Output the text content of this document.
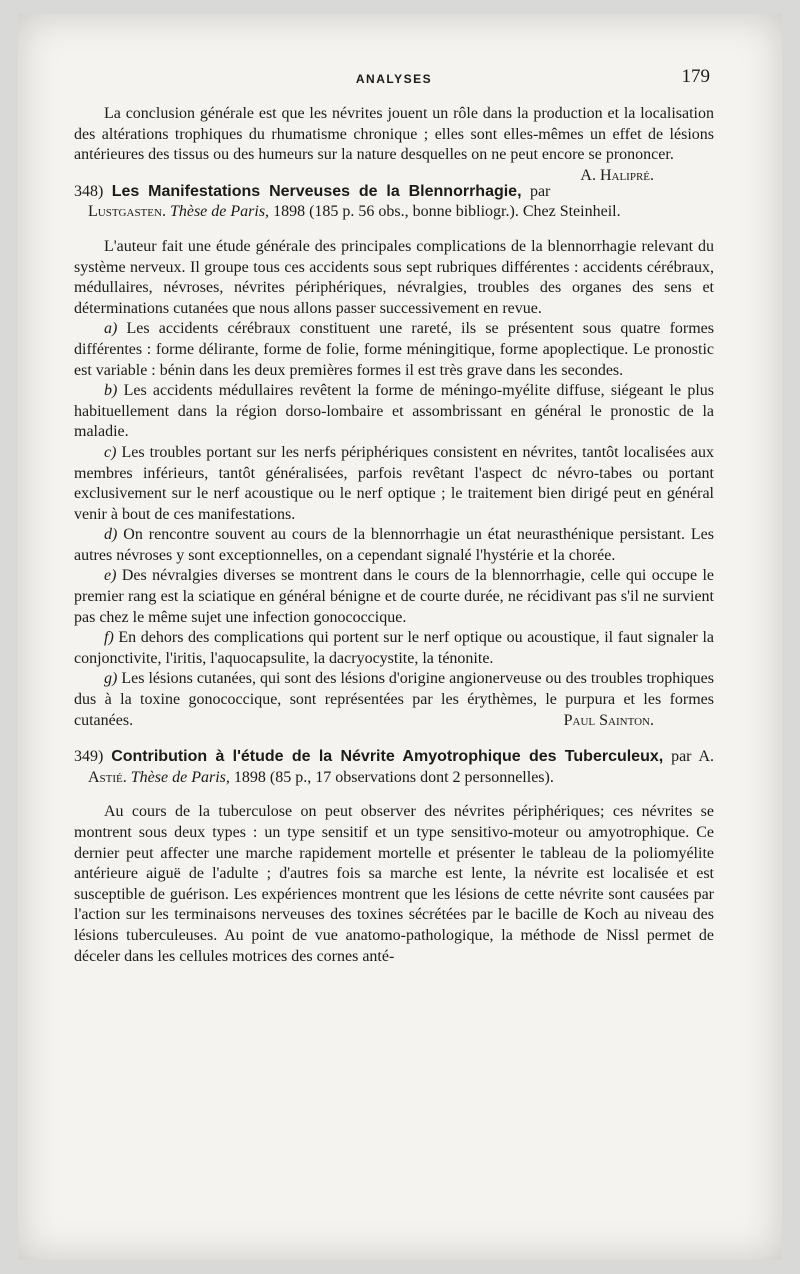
ANALYSES	179

La conclusion générale est que les névrites jouent un rôle dans la production et la localisation des altérations trophiques du rhumatisme chronique ; elles sont elles-mêmes un effet de lésions antérieures des tissus ou des humeurs sur la nature desquelles on ne peut encore se prononcer.
A. Halipré.

348) Les Manifestations Nerveuses de la Blennorrhagie, par Lustgasten. Thèse de Paris, 1898 (185 p. 56 obs., bonne bibliogr.). Chez Steinheil.

L'auteur fait une étude générale des principales complications de la blennorrhagie relevant du système nerveux. Il groupe tous ces accidents sous sept rubriques différentes : accidents cérébraux, médullaires, névroses, névrites périphériques, névralgies, troubles des organes des sens et déterminations cutanées que nous allons passer successivement en revue.

a) Les accidents cérébraux constituent une rareté, ils se présentent sous quatre formes différentes : forme délirante, forme de folie, forme méningitique, forme apoplectique. Le pronostic est variable : bénin dans les deux premières formes il est très grave dans les secondes.

b) Les accidents médullaires revêtent la forme de méningo-myélite diffuse, siégeant le plus habituellement dans la région dorso-lombaire et assombrissant en général le pronostic de la maladie.

c) Les troubles portant sur les nerfs périphériques consistent en névrites, tantôt localisées aux membres inférieurs, tantôt généralisées, parfois revêtant l'aspect dc névro-tabes ou portant exclusivement sur le nerf acoustique ou le nerf optique ; le traitement bien dirigé peut en général venir à bout de ces manifestations.

d) On rencontre souvent au cours de la blennorrhagie un état neurasthénique persistant. Les autres névroses y sont exceptionnelles, on a cependant signalé l'hystérie et la chorée.

e) Des névralgies diverses se montrent dans le cours de la blennorrhagie, celle qui occupe le premier rang est la sciatique en général bénigne et de courte durée, ne récidivant pas s'il ne survient pas chez le même sujet une infection gonococcique.

f) En dehors des complications qui portent sur le nerf optique ou acoustique, il faut signaler la conjonctivite, l'iritis, l'aquocapsulite, la dacryocystite, la ténonite.

g) Les lésions cutanées, qui sont des lésions d'origine angionerveuse ou des troubles trophiques dus à la toxine gonococcique, sont représentées par les érythèmes, le purpura et les formes cutanées.	Paul Sainton.

349) Contribution à l'étude de la Névrite Amyotrophique des Tuberculeux, par A. Astié. Thèse de Paris, 1898 (85 p., 17 observations dont 2 personnelles).

Au cours de la tuberculose on peut observer des névrites périphériques; ces névrites se montrent sous deux types : un type sensitif et un type sensitivo-moteur ou amyotrophique. Ce dernier peut affecter une marche rapidement mortelle et présenter le tableau de la poliomyélite antérieure aiguë de l'adulte ; d'autres fois sa marche est lente, la névrite est localisée et est susceptible de guérison. Les expériences montrent que les lésions de cette névrite sont causées par l'action sur les terminaisons nerveuses des toxines sécrétées par le bacille de Koch au niveau des lésions tuberculeuses. Au point de vue anatomo-pathologique, la méthode de Nissl permet de déceler dans les cellules motrices des cornes anté-
